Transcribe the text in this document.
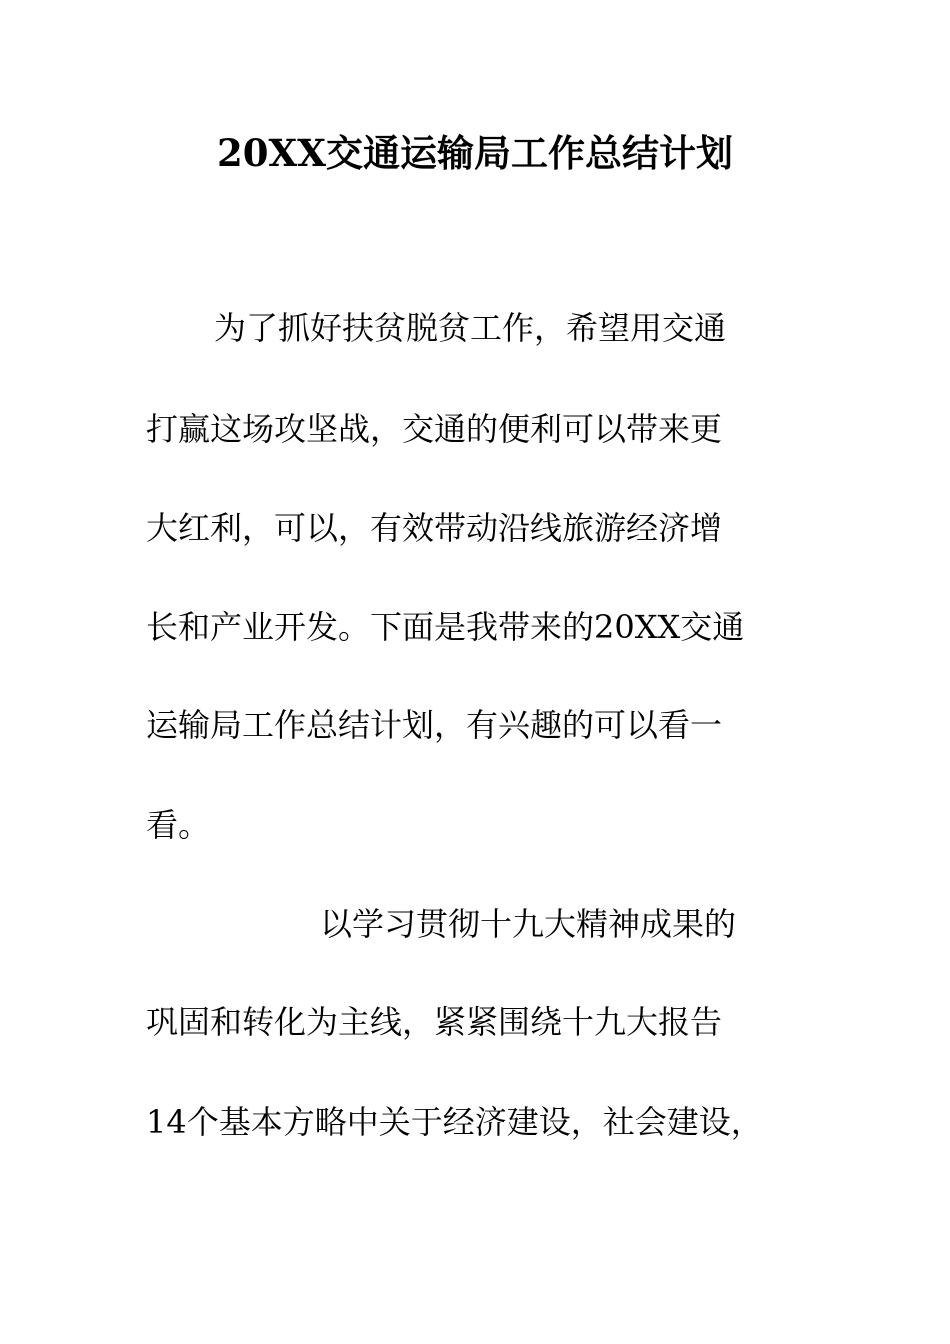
20XX交通运输局工作总结计划
为了抓好扶贫脱贫工作，希望用交通
打赢这场攻坚战，交通的便利可以带来更
大红利，可以，有效带动沿线旅游经济增
长和产业开发。下面是我带来的20XX交通
运输局工作总结计划，有兴趣的可以看一
看。
以学习贯彻十九大精神成果的
巩固和转化为主线，紧紧围绕十九大报告
14个基本方略中关于经济建设，社会建设，
